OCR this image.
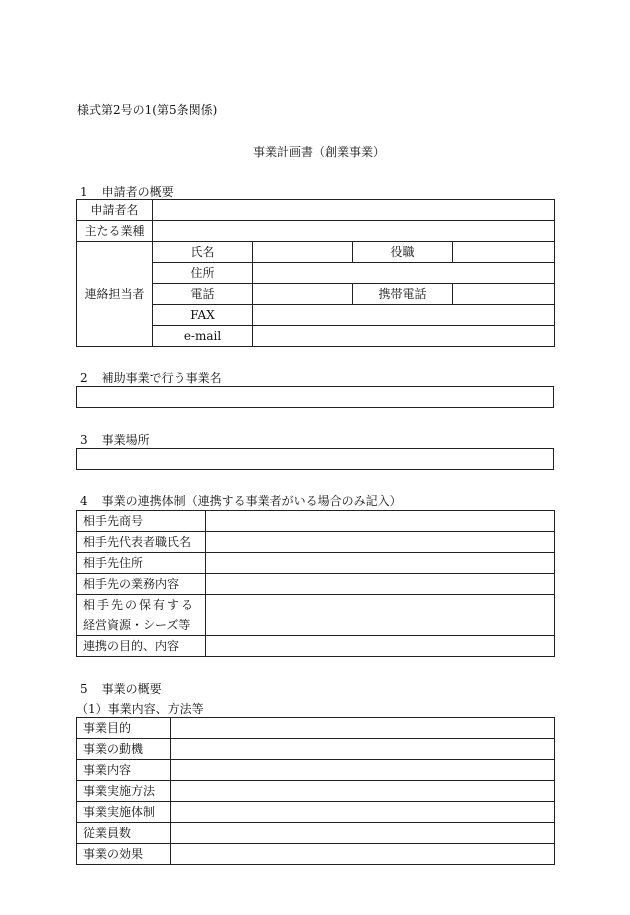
様式第2号の1(第5条関係)
事業計画書（創業事業）
1 申請者の概要
申請者名				
主たる業種				
連絡担当者	氏名		役職	
	住所			
	電話		携帯電話	
	FAX			
	e-mail			
2 補助事業で行う事業名
3 事業場所
4 事業の連携体制（連携する事業者がいる場合のみ記入）
相手先商号	
相手先代表者職氏名	
相手先住所	
相手先の業務内容	

相手先の保有する
経営資源・シーズ等	

連携の目的、内容	
5 事業の概要
（1）事業内容、方法等
事業目的	
事業の動機	
事業内容	
事業実施方法	
事業実施体制	
従業員数	
事業の効果	
